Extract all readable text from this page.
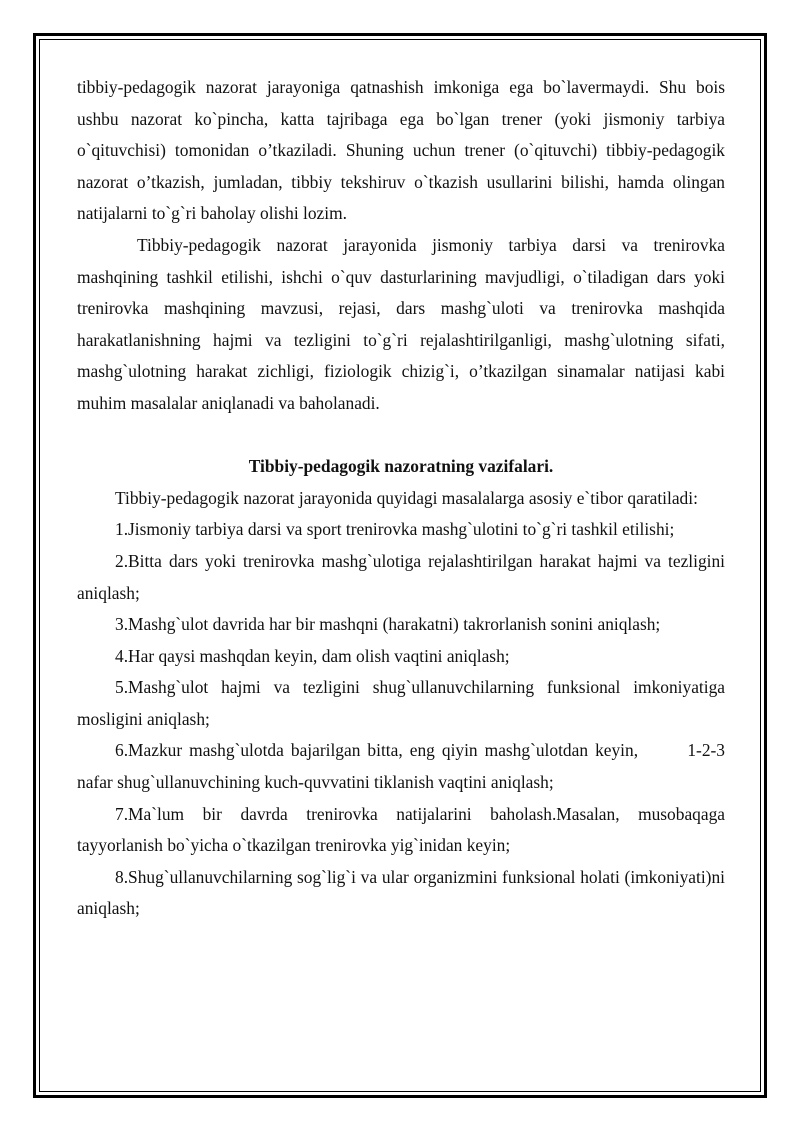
tibbiy-pedagogik nazorat jarayoniga qatnashish imkoniga ega bo`lavermaydi. Shu bois ushbu nazorat ko`pincha, katta tajribaga ega bo`lgan trener (yoki jismoniy tarbiya o`qituvchisi) tomonidan o’tkaziladi. Shuning uchun trener (o`qituvchi) tibbiy-pedagogik nazorat o’tkazish, jumladan, tibbiy tekshiruv o`tkazish usullarini bilishi, hamda olingan natijalarni to`g`ri baholay olishi lozim.

Tibbiy-pedagogik nazorat jarayonida jismoniy tarbiya darsi va trenirovka mashqining tashkil etilishi, ishchi o`quv dasturlarining mavjudligi, o`tiladigan dars yoki trenirovka mashqining mavzusi, rejasi, dars mashg`uloti va trenirovka mashqida harakatlanishning hajmi va tezligini to`g`ri rejalashtirilganligi, mashg`ulotning sifati, mashg`ulotning harakat zichligi, fiziologik chizig`i, o’tkazilgan sinamalar natijasi kabi muhim masalalar aniqlanadi va baholanadi.

Tibbiy-pedagogik nazoratning vazifalari.

Tibbiy-pedagogik nazorat jarayonida quyidagi masalalarga asosiy e`tibor qaratiladi:

1.Jismoniy tarbiya darsi va sport trenirovka mashg`ulotini to`g`ri tashkil etilishi;

2.Bitta dars yoki trenirovka mashg`ulotiga rejalashtirilgan harakat hajmi va tezligini aniqlash;

3.Mashg`ulot davrida har bir mashqni (harakatni) takrorlanish sonini aniqlash;

4.Har qaysi mashqdan keyin, dam olish vaqtini aniqlash;

5.Mashg`ulot hajmi va tezligini shug`ullanuvchilarning funksional imkoniyatiga mosligini aniqlash;

6.Mazkur mashg`ulotda bajarilgan bitta, eng qiyin mashg`ulotdan keyin,       1-2-3 nafar shug`ullanuvchining kuch-quvvatini tiklanish vaqtini aniqlash;

7.Ma`lum bir davrda trenirovka natijalarini baholash.Masalan, musobaqaga tayyorlanish bo`yicha o`tkazilgan trenirovka yig`inidan keyin;

8.Shug`ullanuvchilarning sog`lig`i va ular organizmini funksional holati (imkoniyati)ni aniqlash;
